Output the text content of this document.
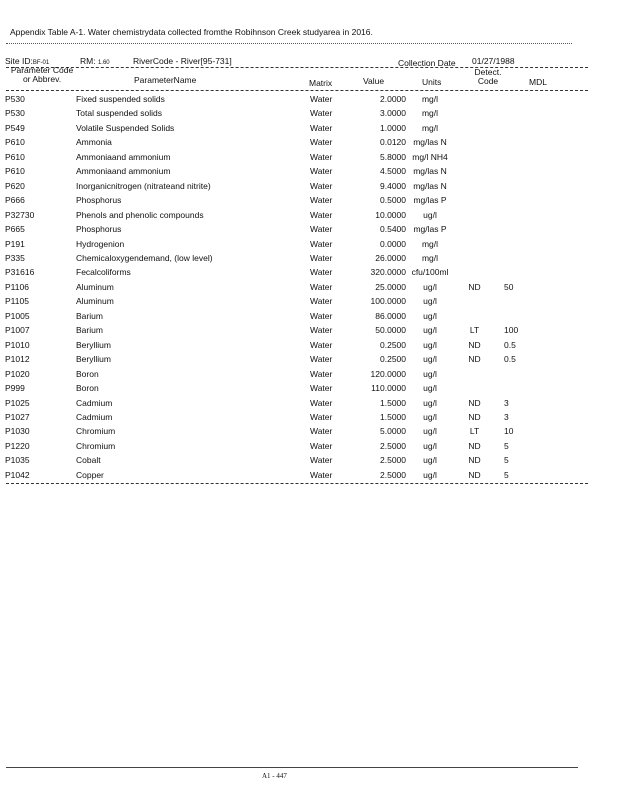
Appendix Table A-1. Water chemistrydata collected fromthe Robihnson Creek studyarea in 2016.
Site ID:BF-01	RM: 1.60	RiverCode - River[95-731]	Collection Date 01/27/1988
Parameter Code
or Abbrev.	ParameterName	Matrix	Value	Units
Detect.
Code	MDL
P530	Fixed suspended solids	Water	2.0000	mg/l		
P530	Total suspended solids	Water	3.0000	mg/l		
P549	Volatile Suspended Solids	Water	1.0000	mg/l		
P610	Ammonia	Water	0.0120	mg/las N		
P610	Ammoniaand ammonium	Water	5.8000	mg/l NH4		
P610	Ammoniaand ammonium	Water	4.5000	mg/las N		
P620	Inorganicnitrogen (nitrateand nitrite)	Water	9.4000	mg/las N		
P666	Phosphorus	Water	0.5000	mg/las P		
P32730	Phenols and phenolic compounds	Water	10.0000	ug/l		
P665	Phosphorus	Water	0.5400	mg/las P		
P191	Hydrogenion	Water	0.0000	mg/l		
P335	Chemicaloxygendemand, (low level)	Water	26.0000	mg/l		
P31616	Fecalcoliforms	Water	320.0000	cfu/100ml		
P1106	Aluminum	Water	25.0000	ug/l	ND	50
P1105	Aluminum	Water	100.0000	ug/l		
P1005	Barium	Water	86.0000	ug/l		
P1007	Barium	Water	50.0000	ug/l	LT	100
P1010	Beryllium	Water	0.2500	ug/l	ND	0.5
P1012	Beryllium	Water	0.2500	ug/l	ND	0.5
P1020	Boron	Water	120.0000	ug/l		
P999	Boron	Water	110.0000	ug/l		
P1025	Cadmium	Water	1.5000	ug/l	ND	3
P1027	Cadmium	Water	1.5000	ug/l	ND	3
P1030	Chromium	Water	5.0000	ug/l	LT	10
P1220	Chromium	Water	2.5000	ug/l	ND	5
P1035	Cobalt	Water	2.5000	ug/l	ND	5
P1042	Copper	Water	2.5000	ug/l	ND	5
A1 - 447
